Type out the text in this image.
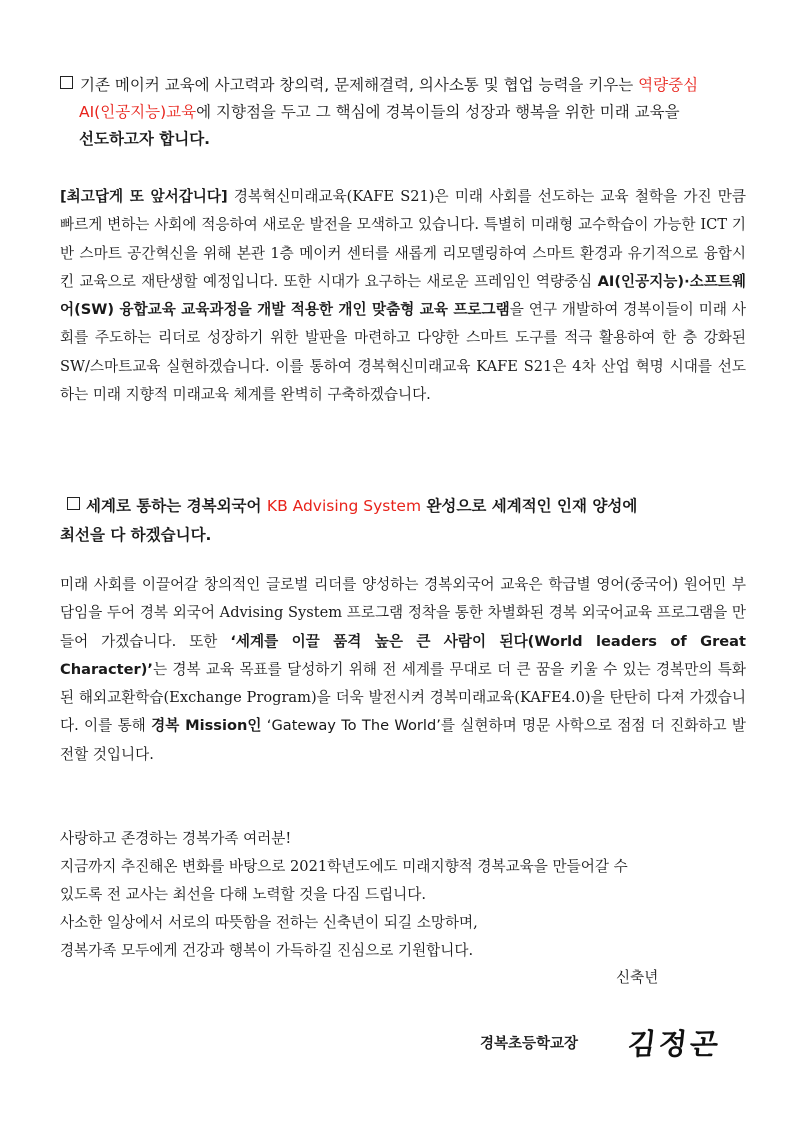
기존 메이커 교육에 사고력과 창의력, 문제해결력, 의사소통 및 협업 능력을 키우는 역량중심
AI(인공지능)교육에 지향점을 두고 그 핵심에 경복이들의 성장과 행복을 위한 미래 교육을
선도하고자 합니다.
[최고답게 또 앞서갑니다] 경복혁신미래교육(KAFE S21)은 미래 사회를 선도하는 교육 철학을 가진 만큼 빠르게 변하는 사회에 적응하여 새로운 발전을 모색하고 있습니다. 특별히 미래형 교수학습이 가능한 ICT 기반 스마트 공간혁신을 위해 본관 1층 메이커 센터를 새롭게 리모델링하여 스마트 환경과 유기적으로 융합시킨 교육으로 재탄생할 예정입니다. 또한 시대가 요구하는 새로운 프레임인 역량중심 AI(인공지능)·소프트웨어(SW) 융합교육 교육과정을 개발 적용한 개인 맞춤형 교육 프로그램을 연구 개발하여 경복이들이 미래 사회를 주도하는 리더로 성장하기 위한 발판을 마련하고 다양한 스마트 도구를 적극 활용하여 한 층 강화된 SW/스마트교육 실현하겠습니다. 이를 통하여 경복혁신미래교육 KAFE S21은 4차 산업 혁명 시대를 선도하는 미래 지향적 미래교육 체계를 완벽히 구축하겠습니다.
세계로 통하는 경복외국어 KB Advising System 완성으로 세계적인 인재 양성에
최선을 다 하겠습니다.
미래 사회를 이끌어갈 창의적인 글로벌 리더를 양성하는 경복외국어 교육은 학급별 영어(중국어) 원어민 부담임을 두어 경복 외국어 Advising System 프로그램 정착을 통한 차별화된 경복 외국어교육 프로그램을 만들어 가겠습니다. 또한 ‘세계를 이끌 품격 높은 큰 사람이 된다(World leaders of Great Character)’는 경복 교육 목표를 달성하기 위해 전 세계를 무대로 더 큰 꿈을 키울 수 있는 경복만의 특화된 해외교환학습(Exchange Program)을 더욱 발전시켜 경복미래교육(KAFE4.0)을 탄탄히 다져 가겠습니다. 이를 통해 경복 Mission인 ‘Gateway To The World’를 실현하며 명문 사학으로 점점 더 진화하고 발전할 것입니다.
사랑하고 존경하는 경복가족 여러분!
지금까지 추진해온 변화를 바탕으로 2021학년도에도 미래지향적 경복교육을 만들어갈 수
있도록 전 교사는 최선을 다해 노력할 것을 다짐 드립니다.
사소한 일상에서 서로의 따뜻함을 전하는 신축년이 되길 소망하며,
경복가족 모두에게 건강과 행복이 가득하길 진심으로 기원합니다.
신축년
경복초등학교장 김정곤
